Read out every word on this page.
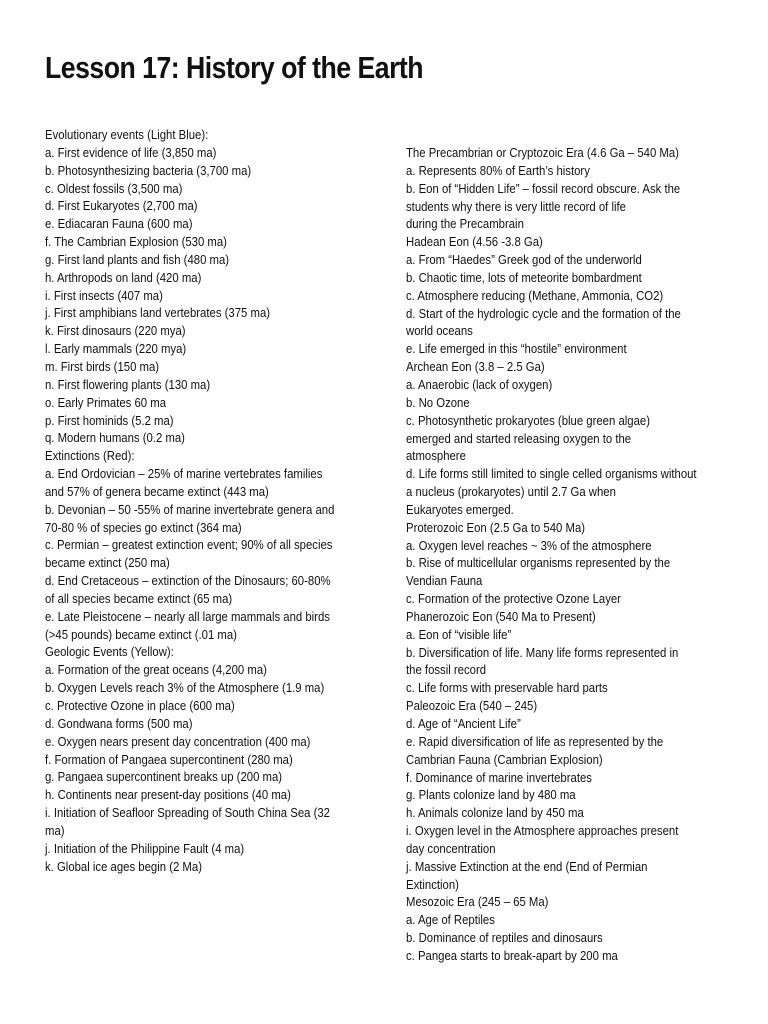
Lesson 17: History of the Earth
Evolutionary events (Light Blue):
a. First evidence of life (3,850 ma)
b. Photosynthesizing bacteria (3,700 ma)
c. Oldest fossils (3,500 ma)
d. First Eukaryotes (2,700 ma)
e. Ediacaran Fauna (600 ma)
f. The Cambrian Explosion (530 ma)
g. First land plants and fish (480 ma)
h. Arthropods on land (420 ma)
i. First insects (407 ma)
j. First amphibians land vertebrates (375 ma)
k. First dinosaurs (220 mya)
l. Early mammals (220 mya)
m. First birds (150 ma)
n. First flowering plants (130 ma)
o. Early Primates 60 ma
p. First hominids (5.2 ma)
q. Modern humans (0.2 ma)
Extinctions (Red):
a. End Ordovician – 25% of marine vertebrates families
and 57% of genera became extinct (443 ma)
b. Devonian – 50 -55% of marine invertebrate genera and
70-80 % of species go extinct (364 ma)
c. Permian – greatest extinction event; 90% of all species
became extinct (250 ma)
d. End Cretaceous – extinction of the Dinosaurs; 60-80%
of all species became extinct (65 ma)
e. Late Pleistocene – nearly all large mammals and birds
(>45 pounds) became extinct (.01 ma)
Geologic Events (Yellow):
a. Formation of the great oceans (4,200 ma)
b. Oxygen Levels reach 3% of the Atmosphere (1.9 ma)
c. Protective Ozone in place (600 ma)
d. Gondwana forms (500 ma)
e. Oxygen nears present day concentration (400 ma)
f. Formation of Pangaea supercontinent (280 ma)
g. Pangaea supercontinent breaks up (200 ma)
h. Continents near present-day positions (40 ma)
i. Initiation of Seafloor Spreading of South China Sea (32
ma)
j. Initiation of the Philippine Fault (4 ma)
k. Global ice ages begin (2 Ma)
The Precambrian or Cryptozoic Era (4.6 Ga – 540 Ma)
a. Represents 80% of Earth’s history
b. Eon of “Hidden Life” – fossil record obscure. Ask the
students why there is very little record of life
during the Precambrain
Hadean Eon (4.56 -3.8 Ga)
a. From “Haedes” Greek god of the underworld
b. Chaotic time, lots of meteorite bombardment
c. Atmosphere reducing (Methane, Ammonia, CO2)
d. Start of the hydrologic cycle and the formation of the
world oceans
e. Life emerged in this “hostile” environment
Archean Eon (3.8 – 2.5 Ga)
a. Anaerobic (lack of oxygen)
b. No Ozone
c. Photosynthetic prokaryotes (blue green algae)
emerged and started releasing oxygen to the
atmosphere
d. Life forms still limited to single celled organisms without
a nucleus (prokaryotes) until 2.7 Ga when
Eukaryotes emerged.
Proterozoic Eon (2.5 Ga to 540 Ma)
a. Oxygen level reaches ~ 3% of the atmosphere
b. Rise of multicellular organisms represented by the
Vendian Fauna
c. Formation of the protective Ozone Layer
Phanerozoic Eon (540 Ma to Present)
a. Eon of “visible life”
b. Diversification of life. Many life forms represented in
the fossil record
c. Life forms with preservable hard parts
Paleozoic Era (540 – 245)
d. Age of “Ancient Life”
e. Rapid diversification of life as represented by the
Cambrian Fauna (Cambrian Explosion)
f. Dominance of marine invertebrates
g. Plants colonize land by 480 ma
h. Animals colonize land by 450 ma
i. Oxygen level in the Atmosphere approaches present
day concentration
j. Massive Extinction at the end (End of Permian
Extinction)
Mesozoic Era (245 – 65 Ma)
a. Age of Reptiles
b. Dominance of reptiles and dinosaurs
c. Pangea starts to break-apart by 200 ma
